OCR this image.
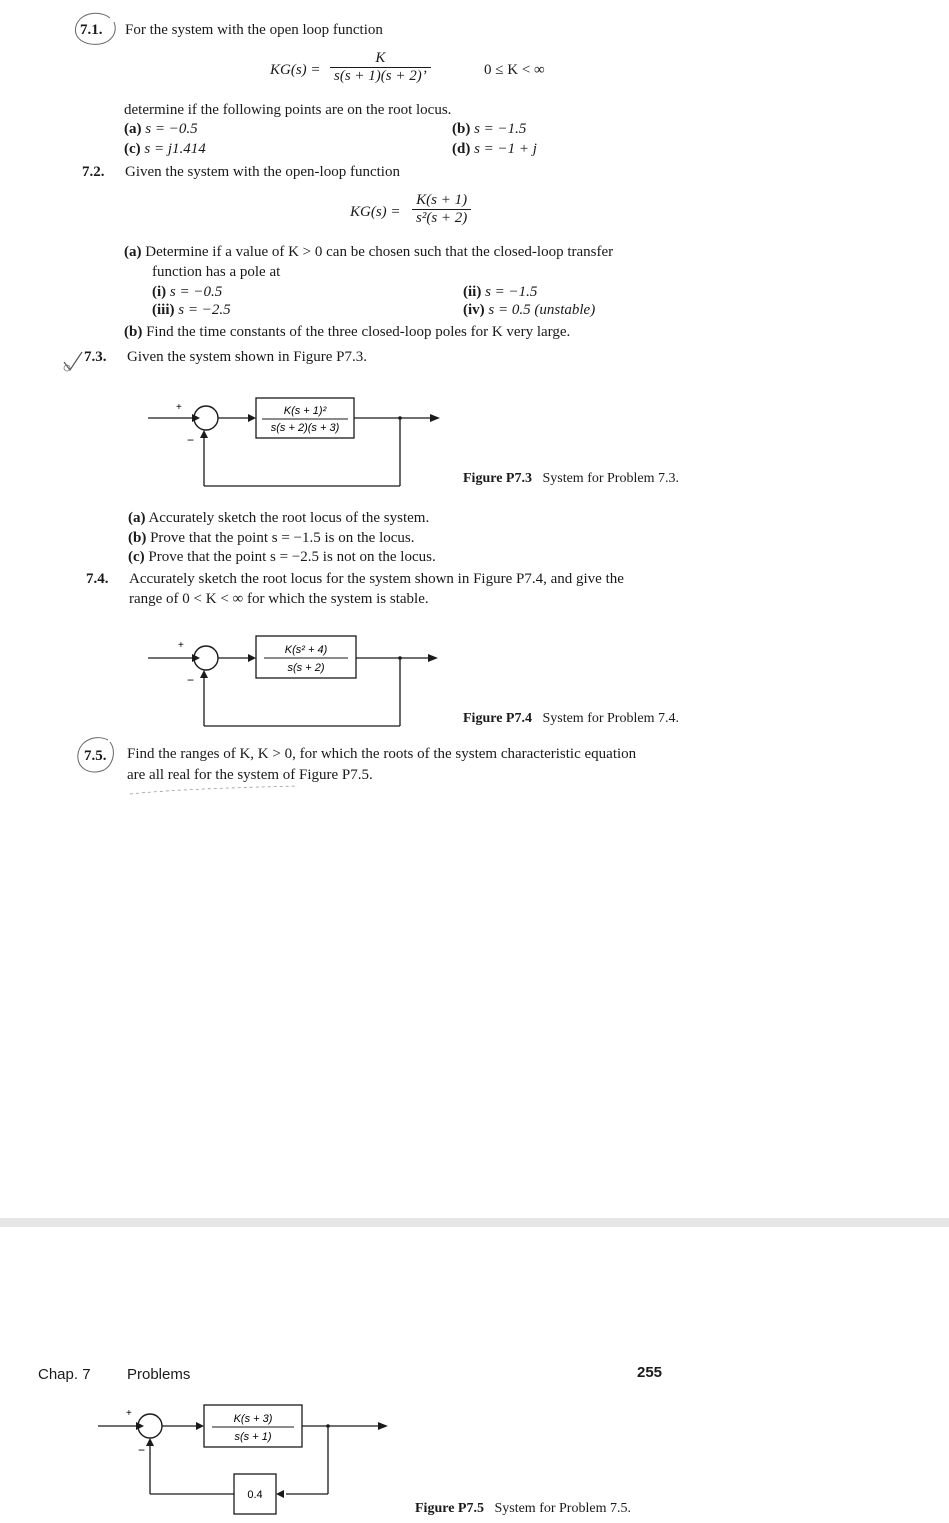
7.1. For the system with the open loop function
$KG(s) = \frac{K}{s(s + 1)(s + 2)’}$	0 ≤ K < ∞
determine if the following points are on the root locus.
(a) s = −0.5	(b) s = −1.5
(c) s = j1.414	(d) s = −1 + j
7.2. Given the system with the open-loop function
$KG(s) = \frac{K(s + 1)}{\text{s²(s + 2)}}$
(a) Determine if a value of K > 0 can be chosen such that the closed-loop transfer
function has a pole at
(i) s = −0.5	(ii) s = −1.5
(iii) s = −2.5	(iv) s = 0.5 (unstable)
(b) Find the time constants of the three closed-loop poles for K very large.
7.3. Given the system shown in Figure P7.3.
+
−
K(s + 1)²
s(s + 2)(s + 3)
Figure P7.3 System for Problem 7.3.
(a) Accurately sketch the root locus of the system.
(b) Prove that the point s = −1.5 is on the locus.
(c) Prove that the point s = −2.5 is not on the locus.
7.4. Accurately sketch the root locus for the system shown in Figure P7.4, and give the
range of 0 < K < ∞ for which the system is stable.
+
−
K(s² + 4)
s(s + 2)
Figure P7.4 System for Problem 7.4.
7.5. Find the ranges of K, K > 0, for which the roots of the system characteristic equation
are all real for the system of Figure P7.5.
Chap. 7 Problems	255
+
−
K(s + 3)
s(s + 1)
0.4
Figure P7.5 System for Problem 7.5.
